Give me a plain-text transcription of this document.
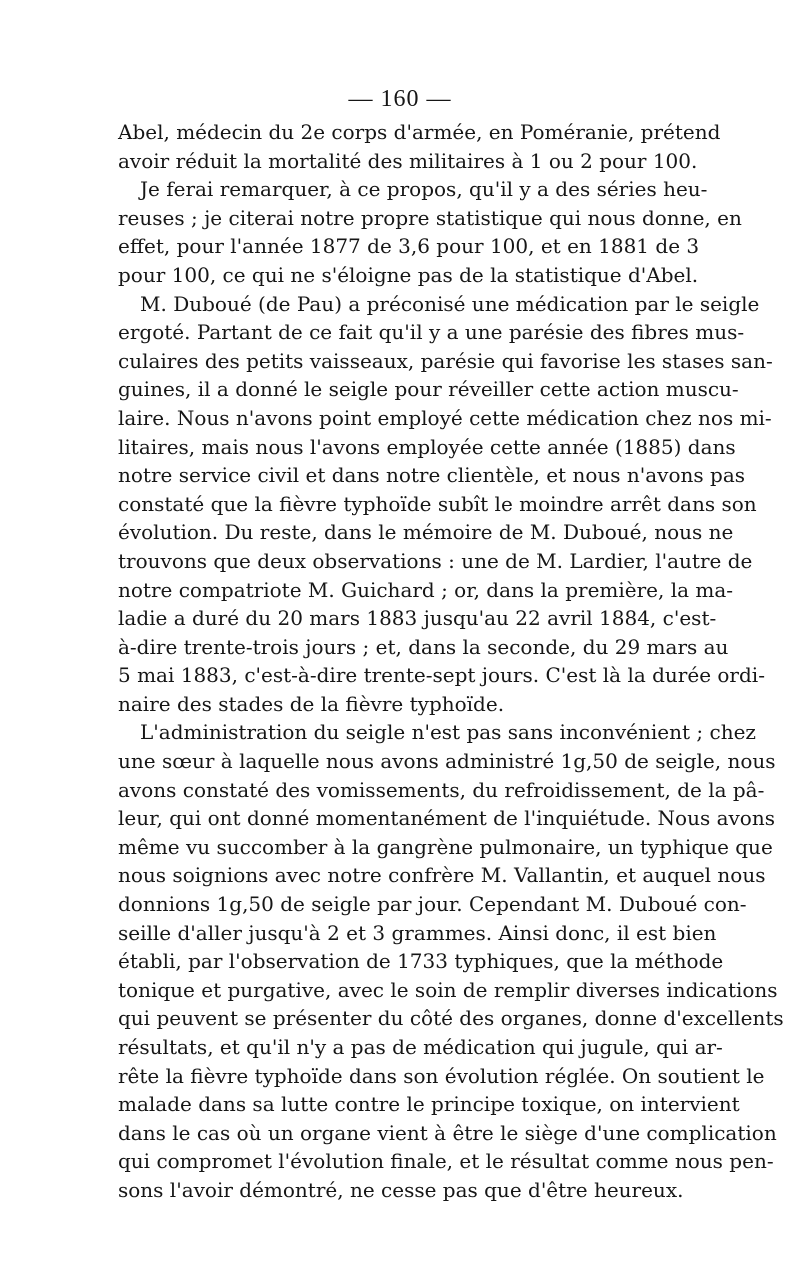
— 160 —
Abel, médecin du 2e corps d'armée, en Poméranie, prétend
avoir réduit la mortalité des militaires à 1 ou 2 pour 100.
Je ferai remarquer, à ce propos, qu'il y a des séries heu-
reuses ; je citerai notre propre statistique qui nous donne, en
effet, pour l'année 1877 de 3,6 pour 100, et en 1881 de 3
pour 100, ce qui ne s'éloigne pas de la statistique d'Abel.
M. Duboué (de Pau) a préconisé une médication par le seigle
ergoté. Partant de ce fait qu'il y a une parésie des fibres mus-
culaires des petits vaisseaux, parésie qui favorise les stases san-
guines, il a donné le seigle pour réveiller cette action muscu-
laire. Nous n'avons point employé cette médication chez nos mi-
litaires, mais nous l'avons employée cette année (1885) dans
notre service civil et dans notre clientèle, et nous n'avons pas
constaté que la fièvre typhoïde subît le moindre arrêt dans son
évolution. Du reste, dans le mémoire de M. Duboué, nous ne
trouvons que deux observations : une de M. Lardier, l'autre de
notre compatriote M. Guichard ; or, dans la première, la ma-
ladie a duré du 20 mars 1883 jusqu'au 22 avril 1884, c'est-
à-dire trente-trois jours ; et, dans la seconde, du 29 mars au
5 mai 1883, c'est-à-dire trente-sept jours. C'est là la durée ordi-
naire des stades de la fièvre typhoïde.
L'administration du seigle n'est pas sans inconvénient ; chez
une sœur à laquelle nous avons administré 1g,50 de seigle, nous
avons constaté des vomissements, du refroidissement, de la pâ-
leur, qui ont donné momentanément de l'inquiétude. Nous avons
même vu succomber à la gangrène pulmonaire, un typhique que
nous soignions avec notre confrère M. Vallantin, et auquel nous
donnions 1g,50 de seigle par jour. Cependant M. Duboué con-
seille d'aller jusqu'à 2 et 3 grammes. Ainsi donc, il est bien
établi, par l'observation de 1733 typhiques, que la méthode
tonique et purgative, avec le soin de remplir diverses indications
qui peuvent se présenter du côté des organes, donne d'excellents
résultats, et qu'il n'y a pas de médication qui jugule, qui ar-
rête la fièvre typhoïde dans son évolution réglée. On soutient le
malade dans sa lutte contre le principe toxique, on intervient
dans le cas où un organe vient à être le siège d'une complication
qui compromet l'évolution finale, et le résultat comme nous pen-
sons l'avoir démontré, ne cesse pas que d'être heureux.
